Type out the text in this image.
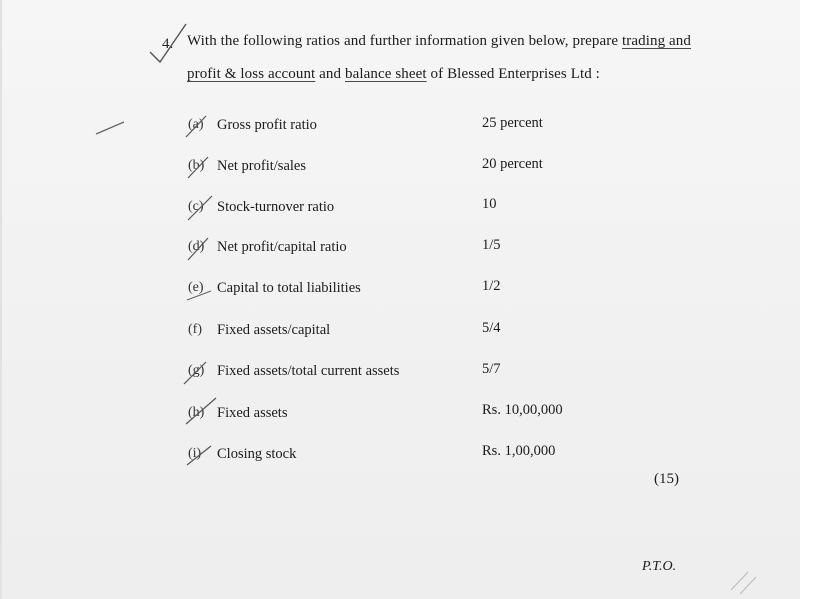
4. With the following ratios and further information given below, prepare trading and
profit & loss account and balance sheet of Blessed Enterprises Ltd :
(a) Gross profit ratio	25 percent
(b) Net profit/sales	20 percent
(c) Stock-turnover ratio	10
(d) Net profit/capital ratio	1/5
(e) Capital to total liabilities	1/2
(f) Fixed assets/capital	5/4
(g) Fixed assets/total current assets	5/7
(h) Fixed assets	Rs. 10,00,000
(i) Closing stock	Rs. 1,00,000
(15)
P.T.O.
